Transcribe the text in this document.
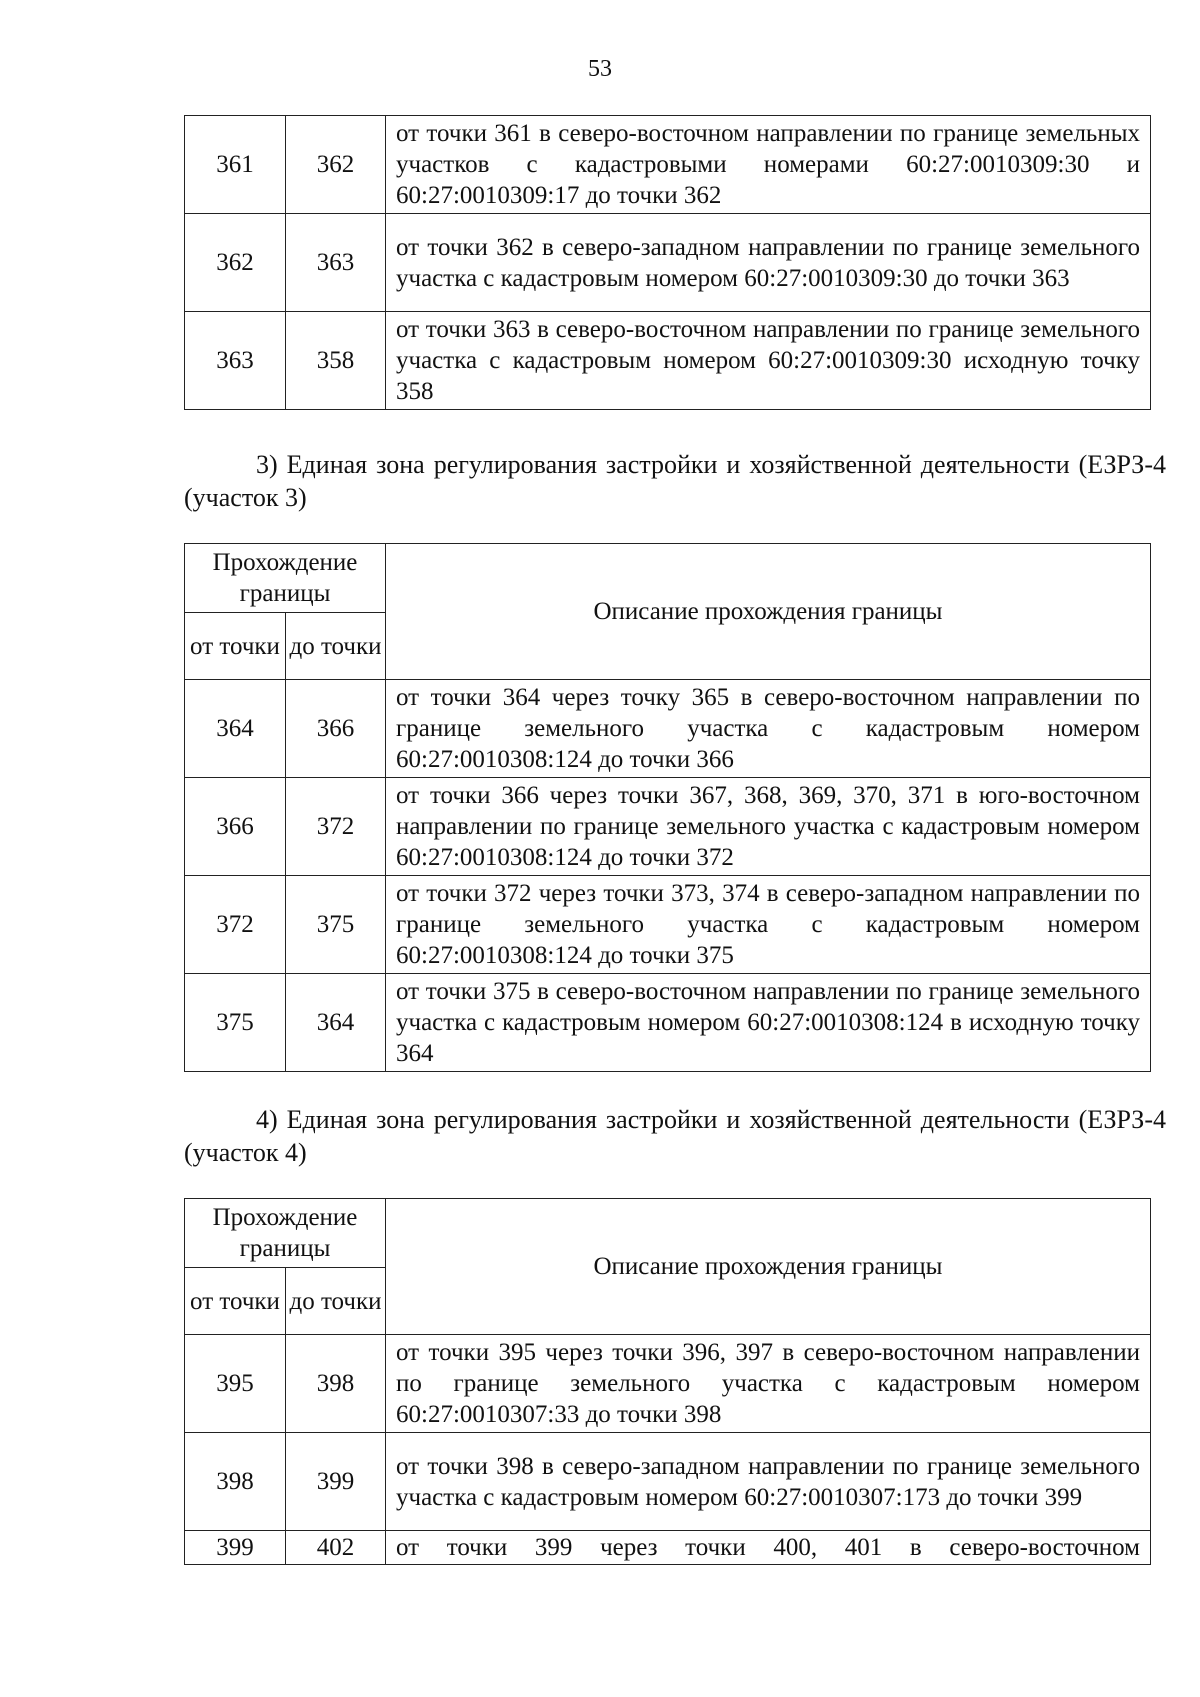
53
361	362	от точки 361 в северо-восточном направлении по границе земельных участков с кадастровыми номерами 60:27:0010309:30 и 60:27:0010309:17 до точки 362
362	363	от точки 362 в северо-западном направлении по границе земельного участка с кадастровым номером 60:27:0010309:30 до точки 363
363	358	от точки 363 в северо-восточном направлении по границе земельного участка с кадастровым номером 60:27:0010309:30 исходную точку 358
3) Единая зона регулирования застройки и хозяйственной деятельности (ЕЗРЗ-4 (участок 3)
Прохождение границы		Описание прохождения границы
от точки	до точки	
364	366	от точки 364 через точку 365 в северо-восточном направлении по границе земельного участка с кадастровым номером 60:27:0010308:124 до точки 366
366	372	от точки 366 через точки 367, 368, 369, 370, 371 в юго-восточном направлении по границе земельного участка с кадастровым номером 60:27:0010308:124 до точки 372
372	375	от точки 372 через точки 373, 374 в северо-западном направлении по границе земельного участка с кадастровым номером 60:27:0010308:124 до точки 375
375	364	от точки 375 в северо-восточном направлении по границе земельного участка с кадастровым номером 60:27:0010308:124 в исходную точку 364
4) Единая зона регулирования застройки и хозяйственной деятельности (ЕЗРЗ-4 (участок 4)
Прохождение границы		Описание прохождения границы
от точки	до точки	
395	398	от точки 395 через точки 396, 397 в северо-восточном направлении по границе земельного участка с кадастровым номером 60:27:0010307:33 до точки 398
398	399	от точки 398 в северо-западном направлении по границе земельного участка с кадастровым номером 60:27:0010307:173 до точки 399
399	402	от точки 399 через точки 400, 401 в северо-восточном
